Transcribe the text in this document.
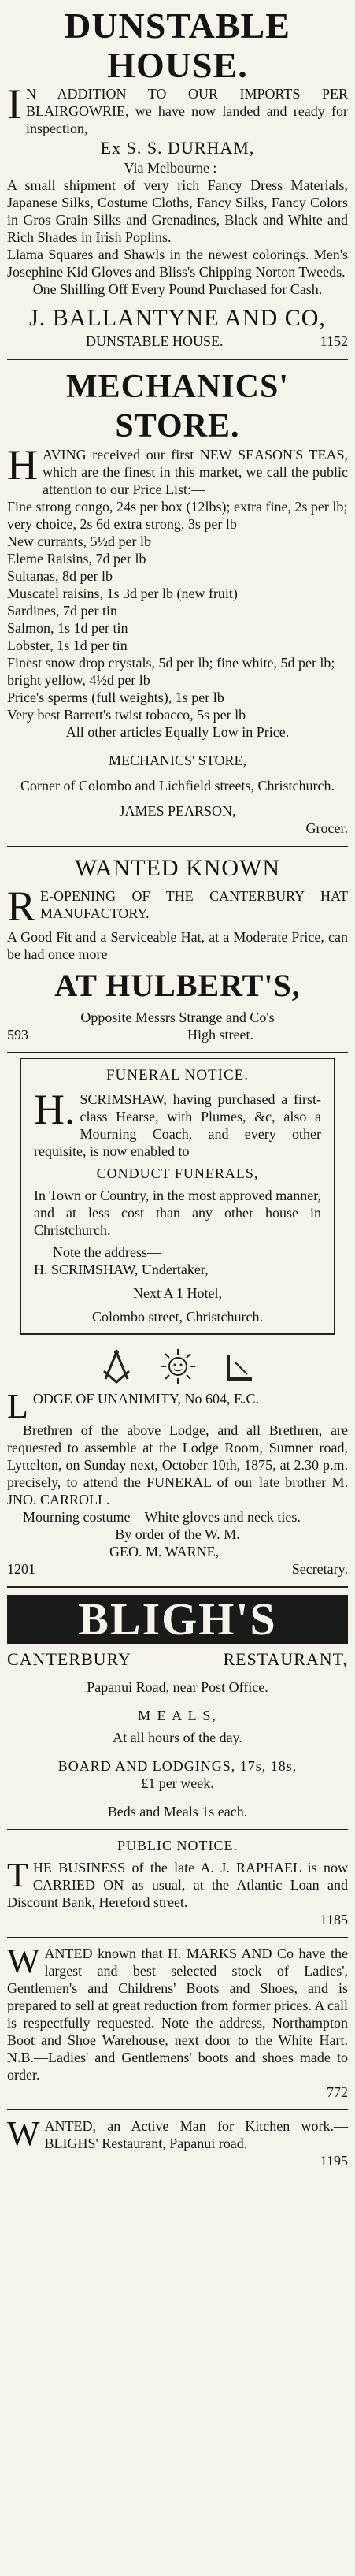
DUNSTABLE HOUSE.
I N ADDITION TO OUR IMPORTS PER BLAIRGOWRIE, we have now landed and ready for inspection,
Ex S. S. DURHAM,
Via Melbourne :—

A small shipment of very rich Fancy Dress Materials, Japanese Silks, Costume Cloths, Fancy Silks, Fancy Colors in Gros Grain Silks and Grenadines, Black and White and Rich Shades in Irish Poplins.

Llama Squares and Shawls in the newest colorings. Men's Josephine Kid Gloves and Bliss's Chipping Norton Tweeds.

One Shilling Off Every Pound Purchased for Cash.

J. BALLANTYNE AND CO,
DUNSTABLE HOUSE.	1152
MECHANICS' STORE.
HAVING received our first NEW SEASON'S TEAS, which are the finest in this market, we call the public attention to our Price List:—

Fine strong congo, 24s per box (12lbs); extra fine, 2s per lb; very choice, 2s 6d extra strong, 3s per lb

New currants, 5½d per lb

Eleme Raisins, 7d per lb

Sultanas, 8d per lb

Muscatel raisins, 1s 3d per lb (new fruit)

Sardines, 7d per tin

Salmon, 1s 1d per tin

Lobster, 1s 1d per tin

Finest snow drop crystals, 5d per lb; fine white, 5d per lb; bright yellow, 4½d per lb

Price's sperms (full weights), 1s per lb

Very best Barrett's twist tobacco, 5s per lb

All other articles Equally Low in Price.

MECHANICS' STORE,
Corner of Colombo and Lichfield streets, Christchurch.
JAMES PEARSON,
Grocer.
WANTED KNOWN
R E-OPENING OF THE CANTERBURY HAT MANUFACTORY.

A Good Fit and a Serviceable Hat, at a Moderate Price, can be had once more

AT HULBERT'S,
Opposite Messrs Strange and Co's
593	High street.
FUNERAL NOTICE.
H. SCRIMSHAW, having purchased a first-class Hearse, with Plumes, &c, also a Mourning Coach, and every other requisite, is now enabled to
CONDUCT FUNERALS,

In Town or Country, in the most approved manner, and at less cost than any other house in Christchurch.

Note the address—
H. SCRIMSHAW, Undertaker,
Next A 1 Hotel,
Colombo street, Christchurch.
LODGE OF UNANIMITY, No 604, E.C.

Brethren of the above Lodge, and all Brethren, are requested to assemble at the Lodge Room, Sumner road, Lyttelton, on Sunday next, October 10th, 1875, at 2.30 p.m. precisely, to attend the FUNERAL of our late brother M. JNO. CARROLL.

Mourning costume—White gloves and neck ties.

By order of the W. M.
GEO. M. WARNE,
1201	Secretary.
BLIGH'S
CANTERBURY	RESTAURANT,
Papanui Road, near Post Office.
M E A L S,
At all hours of the day.
BOARD AND LODGINGS, 17s, 18s,
£1 per week.
Beds and Meals 1s each.
PUBLIC NOTICE.
THE BUSINESS of the late A. J. RAPHAEL is now CARRIED ON as usual, at the Atlantic Loan and Discount Bank, Hereford street.
1185
WANTED known that H. MARKS AND Co have the largest and best selected stock of Ladies', Gentlemen's and Childrens' Boots and Shoes, and is prepared to sell at great reduction from former prices. A call is respectfully requested. Note the address, Northampton Boot and Shoe Warehouse, next door to the White Hart. N.B.—Ladies' and Gentlemens' boots and shoes made to order.
772
WANTED, an Active Man for Kitchen work.—BLIGHS' Restaurant, Papanui road.
1195
